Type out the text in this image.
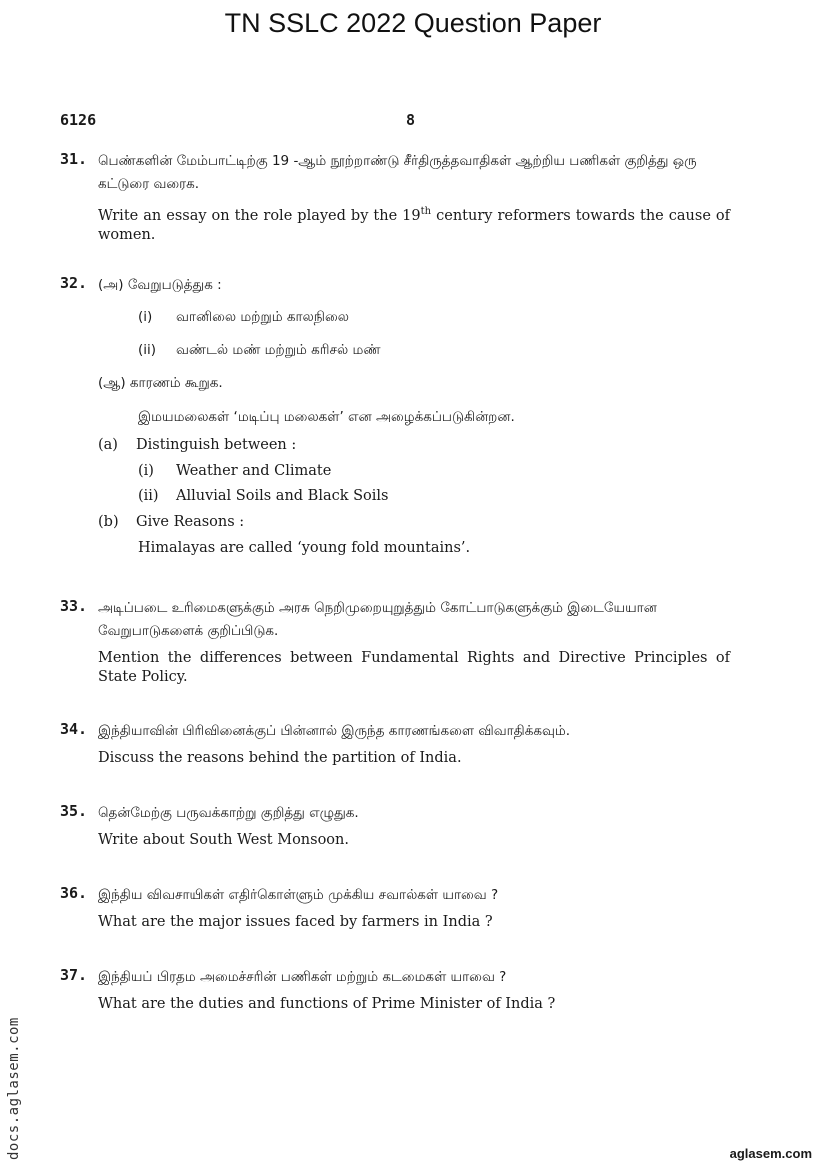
TN SSLC 2022 Question Paper
6126	8
31. பெண்களின் மேம்பாட்டிற்கு 19 -ஆம் நூற்றாண்டு சீர்திருத்தவாதிகள் ஆற்றிய பணிகள் குறித்து ஒரு கட்டுரை வரைக.

Write an essay on the role played by the 19th century reformers towards the cause of women.

32. (அ) வேறுபடுத்துக :
(i) வானிலை மற்றும் காலநிலை
(ii) வண்டல் மண் மற்றும் கரிசல் மண்
(ஆ) காரணம் கூறுக.
இமயமலைகள் ‘மடிப்பு மலைகள்’ என அழைக்கப்படுகின்றன.
(a) Distinguish between :
(i) Weather and Climate
(ii) Alluvial Soils and Black Soils
(b) Give Reasons :
Himalayas are called ‘young fold mountains’.
33. அடிப்படை உரிமைகளுக்கும் அரசு நெறிமுறையுறுத்தும் கோட்பாடுகளுக்கும் இடையேயான வேறுபாடுகளைக் குறிப்பிடுக.

Mention the differences between Fundamental Rights and Directive Principles of State Policy.

34. இந்தியாவின் பிரிவினைக்குப் பின்னால் இருந்த காரணங்களை விவாதிக்கவும்.

Discuss the reasons behind the partition of India.

35. தென்மேற்கு பருவக்காற்று குறித்து எழுதுக.

Write about South West Monsoon.

36. இந்திய விவசாயிகள் எதிர்கொள்ளும் முக்கிய சவால்கள் யாவை ?

What are the major issues faced by farmers in India ?

37. இந்தியப் பிரதம அமைச்சரின் பணிகள் மற்றும் கடமைகள் யாவை ?

What are the duties and functions of Prime Minister of India ?

docs.aglasem.com	aglasem.com
